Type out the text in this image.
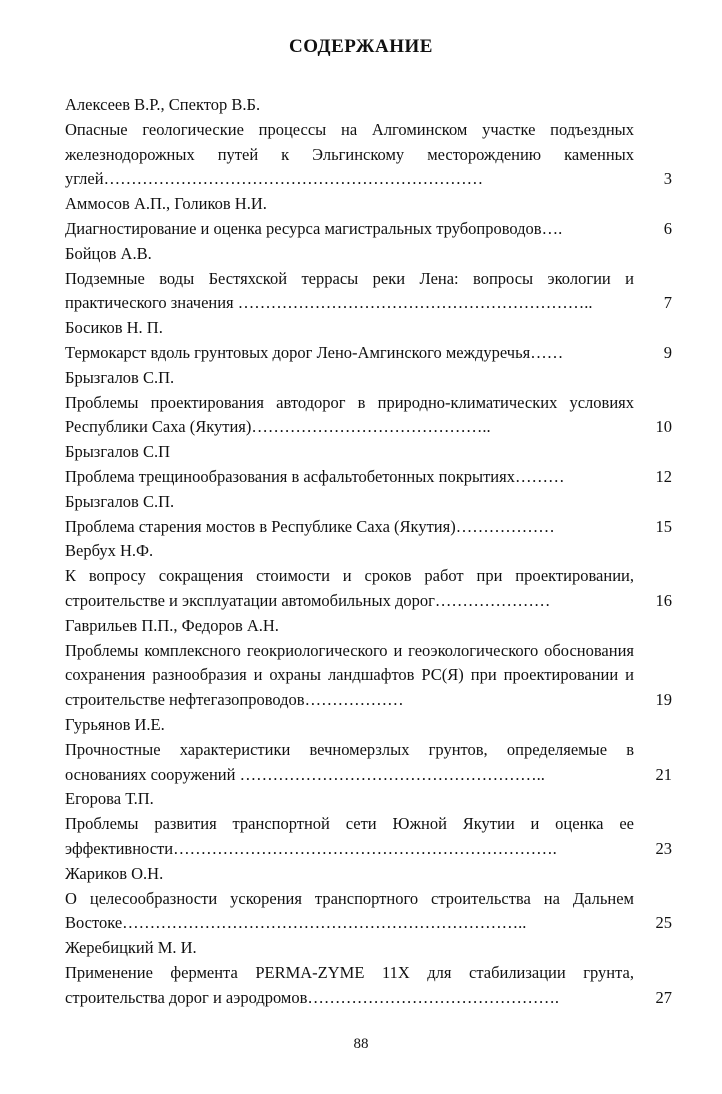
СОДЕРЖАНИЕ
Алексеев В.Р., Спектор В.Б.
Опасные геологические процессы на Алгоминском участке подъездных железнодорожных путей к Эльгинскому месторождению каменных углей……………………………………………………………	3
Аммосов А.П., Голиков Н.И.
Диагностирование и оценка ресурса магистральных трубопроводов….	6
Бойцов А.В.
Подземные воды Бестяхской террасы реки Лена: вопросы экологии и практического значения ………………………………………………………..	7
Босиков Н. П.
Термокарст вдоль грунтовых дорог Лено-Амгинского междуречья……	9
Брызгалов С.П.
Проблемы проектирования автодорог в природно-климатических условиях Республики Саха (Якутия)……………………………………..	10
Брызгалов С.П
Проблема трещинообразования в асфальтобетонных покрытиях………	12
Брызгалов С.П.
Проблема старения мостов в Республике Саха (Якутия)………………	15
Вербух Н.Ф.
К вопросу сокращения стоимости и сроков работ при проектировании, строительстве и эксплуатации автомобильных дорог…………………	16
Гаврильев П.П., Федоров А.Н.
Проблемы комплексного геокриологического и геоэкологического обоснования сохранения разнообразия и охраны ландшафтов РС(Я) при проектировании и строительстве нефтегазопроводов………………	19
Гурьянов И.Е.
Прочностные характеристики вечномерзлых грунтов, определяемые в основаниях сооружений ………………………………………………..	21
Егорова Т.П.
Проблемы развития транспортной сети Южной Якутии и оценка ее эффективности…………………………………………………………….	23
Жариков О.Н.
О целесообразности ускорения транспортного строительства на Дальнем Востоке………………………………………………………………..	25
Жеребицкий М. И.
Применение фермента PERMA-ZYME 11X для стабилизации грунта, строительства дорог и аэродромов……………………………………….	27
88
